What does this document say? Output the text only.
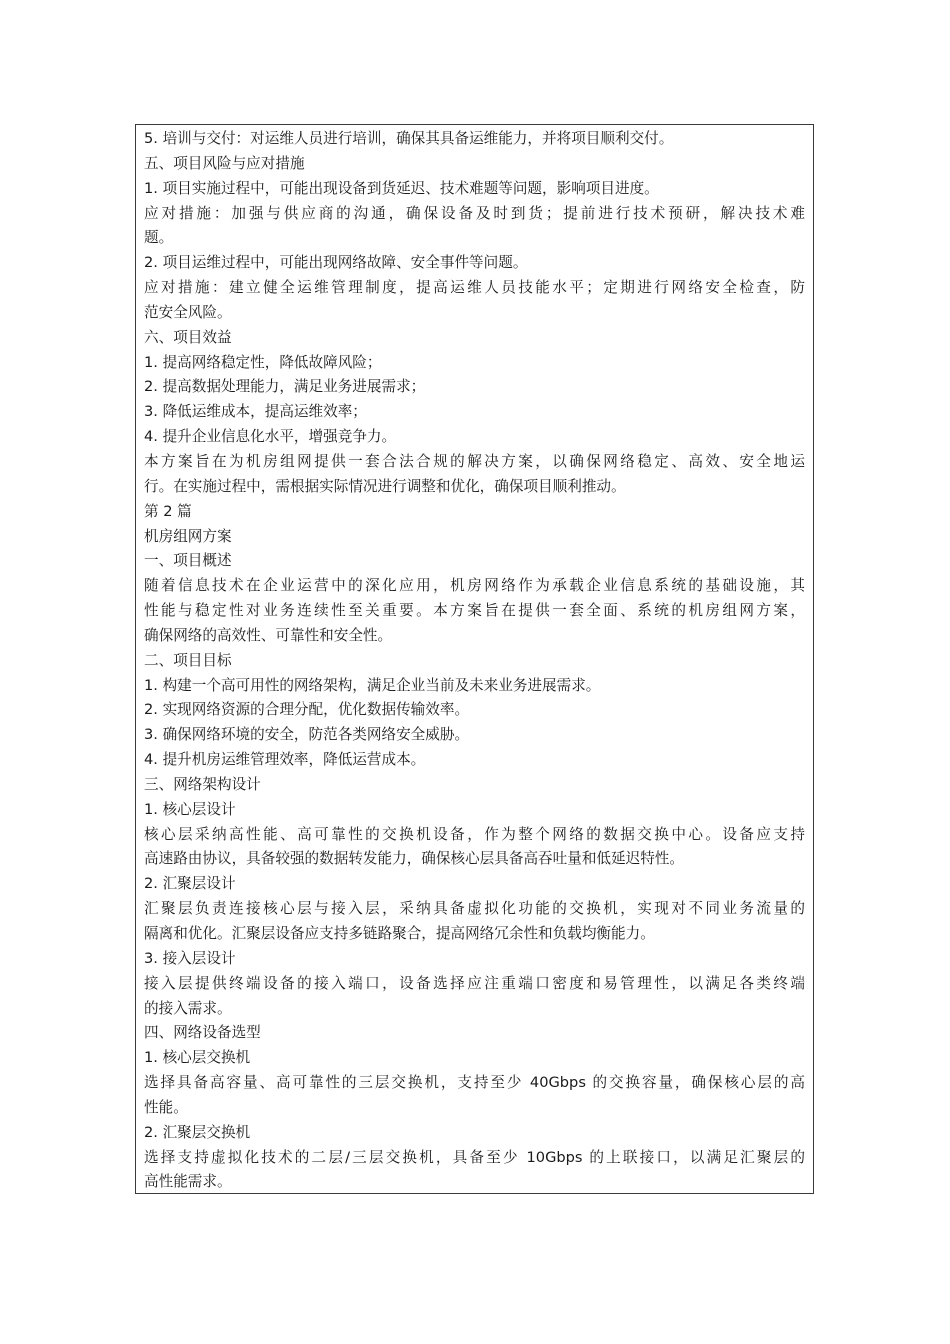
5. 培训与交付：对运维人员进行培训，确保其具备运维能力，并将项目顺利交付。

五、项目风险与应对措施

1. 项目实施过程中，可能出现设备到货延迟、技术难题等问题，影响项目进度。

应对措施：加强与供应商的沟通，确保设备及时到货；提前进行技术预研，解决技术难

题。

2. 项目运维过程中，可能出现网络故障、安全事件等问题。

应对措施：建立健全运维管理制度，提高运维人员技能水平；定期进行网络安全检查，防

范安全风险。

六、项目效益

1. 提高网络稳定性，降低故障风险；

2. 提高数据处理能力，满足业务进展需求；

3. 降低运维成本，提高运维效率；

4. 提升企业信息化水平，增强竞争力。

本方案旨在为机房组网提供一套合法合规的解决方案，以确保网络稳定、高效、安全地运

行。在实施过程中，需根据实际情况进行调整和优化，确保项目顺利推动。

第 2 篇

机房组网方案

一、项目概述

随着信息技术在企业运营中的深化应用，机房网络作为承载企业信息系统的基础设施，其

性能与稳定性对业务连续性至关重要。本方案旨在提供一套全面、系统的机房组网方案，

确保网络的高效性、可靠性和安全性。

二、项目目标

1. 构建一个高可用性的网络架构，满足企业当前及未来业务进展需求。

2. 实现网络资源的合理分配，优化数据传输效率。

3. 确保网络环境的安全，防范各类网络安全威胁。

4. 提升机房运维管理效率，降低运营成本。

三、网络架构设计

1. 核心层设计

核心层采纳高性能、高可靠性的交换机设备，作为整个网络的数据交换中心。设备应支持

高速路由协议，具备较强的数据转发能力，确保核心层具备高吞吐量和低延迟特性。

2. 汇聚层设计

汇聚层负责连接核心层与接入层，采纳具备虚拟化功能的交换机，实现对不同业务流量的

隔离和优化。汇聚层设备应支持多链路聚合，提高网络冗余性和负载均衡能力。

3. 接入层设计

接入层提供终端设备的接入端口，设备选择应注重端口密度和易管理性，以满足各类终端

的接入需求。

四、网络设备选型

1. 核心层交换机

选择具备高容量、高可靠性的三层交换机，支持至少 40Gbps 的交换容量，确保核心层的高

性能。

2. 汇聚层交换机

选择支持虚拟化技术的二层/三层交换机，具备至少 10Gbps 的上联接口，以满足汇聚层的

高性能需求。
